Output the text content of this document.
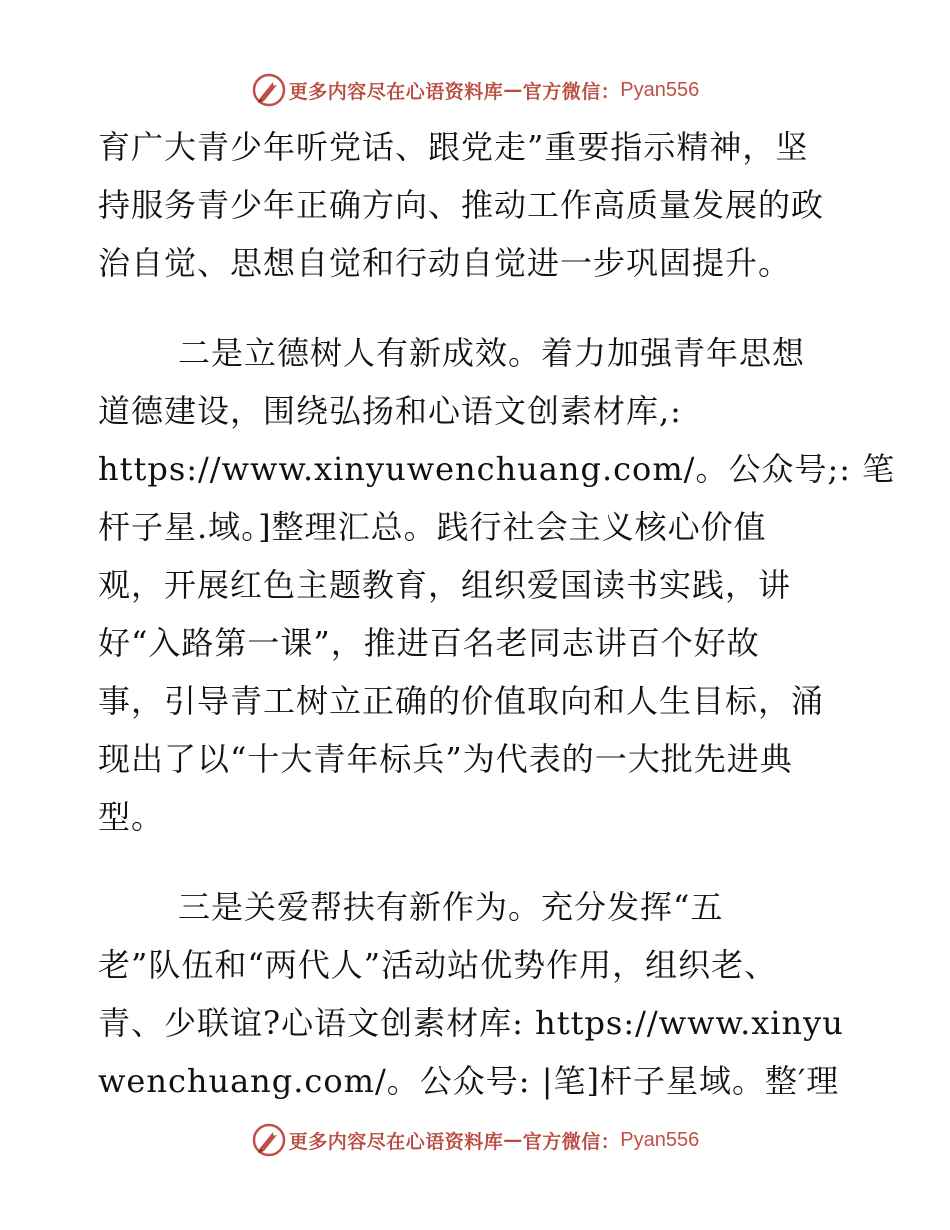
更多内容尽在心语资料库 — 官方微信： Pyan556
育广大青少年听党话、跟党走”重要指示精神，坚
持服务青少年正确方向、推动工作高质量发展的政
治自觉、思想自觉和行动自觉进一步巩固提升。
二是立德树人有新成效。着力加强青年思想
道德建设，围绕弘扬和心语文创素材库,:
https://www.xinyuwenchuang.com/。公众号;: 笔
杆子星.域。]整理汇总。践行社会主义核心价值
观，开展红色主题教育，组织爱国读书实践，讲
好“入路第一课”，推进百名老同志讲百个好故
事，引导青工树立正确的价值取向和人生目标，涌
现出了以“十大青年标兵”为代表的一大批先进典
型。
三是关爱帮扶有新作为。充分发挥“五
老”队伍和“两代人”活动站优势作用，组织老、
青、少联谊?心语文创素材库: https://www.xinyu
wenchuang.com/。公众号: |笔]杆子星域。整′理
更多内容尽在心语资料库 — 官方微信： Pyan556
